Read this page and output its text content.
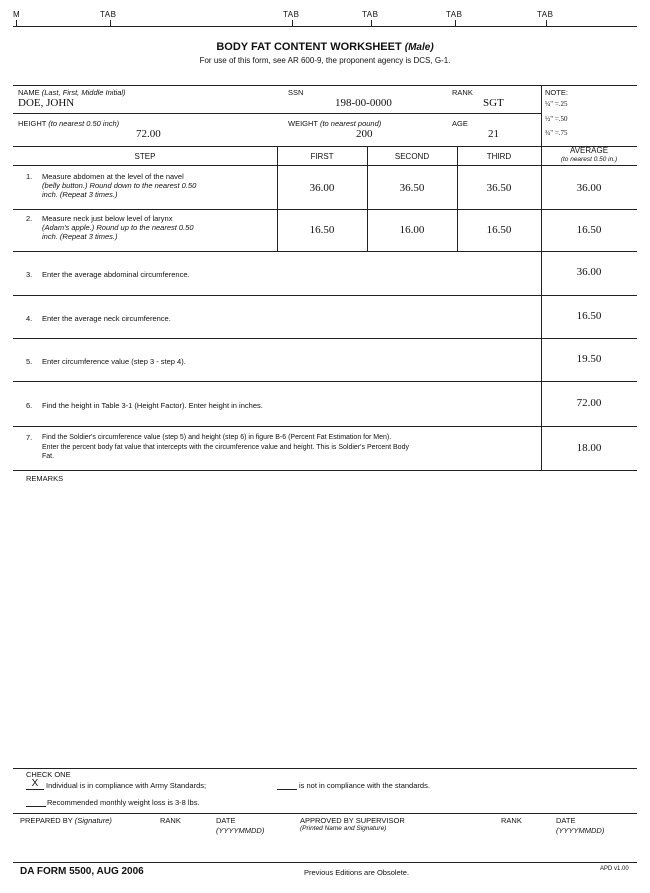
M	TAB	TAB	TAB	TAB	TAB
BODY FAT CONTENT WORKSHEET (Male)
For use of this form, see AR 600-9, the proponent agency is DCS, G-1.
NAME (Last, First, Middle Initial)
DOE, JOHN
SSN
198-00-0000
RANK
SGT
HEIGHT (to nearest 0.50 inch)
72.00
WEIGHT (to nearest pound)
200
AGE
21
NOTE:
¼" =.25
½" =.50
¾" =.75
STEP	FIRST	SECOND	THIRD
AVERAGE
(to nearest 0.50 in.)
1. Measure abdomen at the level of the navel
(belly button.) Round down to the nearest 0.50
inch. (Repeat 3 times.)
36.00	36.50	36.50	36.00
2. Measure neck just below level of larynx
(Adam's apple.) Round up to the nearest 0.50
inch. (Repeat 3 times.)
16.50	16.00	16.50	16.50
3. Enter the average abdominal circumference.	36.00
4. Enter the average neck circumference.	16.50
5. Enter circumference value (step 3 - step 4).	19.50
6. Find the height in Table 3-1 (Height Factor). Enter height in inches.	72.00
7. Find the Soldier's circumference value (step 5) and height (step 6) in figure B-6 (Percent Fat Estimation for Men).
Enter the percent body fat value that intercepts with the circumference value and height. This is Soldier's Percent Body
Fat.
18.00
REMARKS
CHECK ONE
X	Individual is in compliance with Army Standards;	is not in compliance with the standards.
Recommended monthly weight loss is 3-8 lbs.
PREPARED BY (Signature)	RANK	DATE
(YYYYMMDD)
APPROVED BY SUPERVISOR
(Printed Name and Signature)
RANK	DATE
(YYYYMMDD)
DA FORM 5500, AUG 2006	Previous Editions are Obsolete.	APD v1.00
